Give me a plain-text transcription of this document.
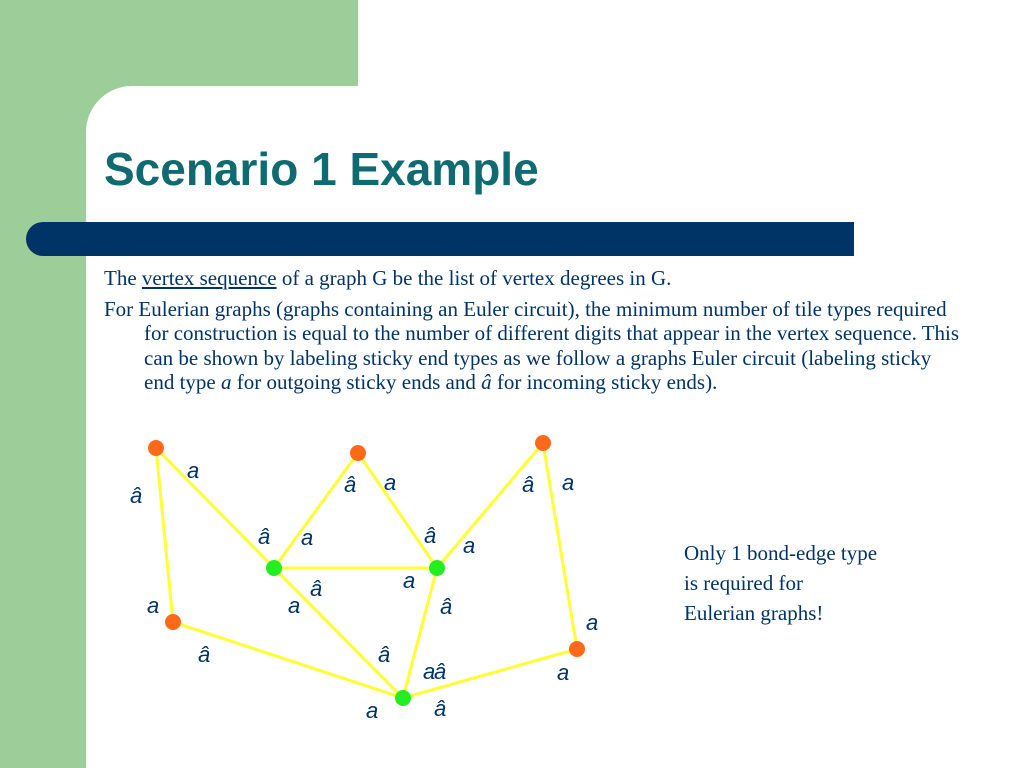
Scenario 1 Example

The vertex sequence of a graph G be the list of vertex degrees in G.

For Eulerian graphs (graphs containing an Euler circuit), the minimum number of tile types required for construction is equal to the number of different digits that appear in the vertex sequence. This can be shown by labeling sticky end types as we follow a graphs Euler circuit (labeling sticky end type a for outgoing sticky ends and â for incoming sticky ends).

Only 1 bond-edge type
is required for
Eulerian graphs!
a
â	â a	a
â
â a	â a
a
â
a	a	â
a
â	â
â
a	a
a	â
